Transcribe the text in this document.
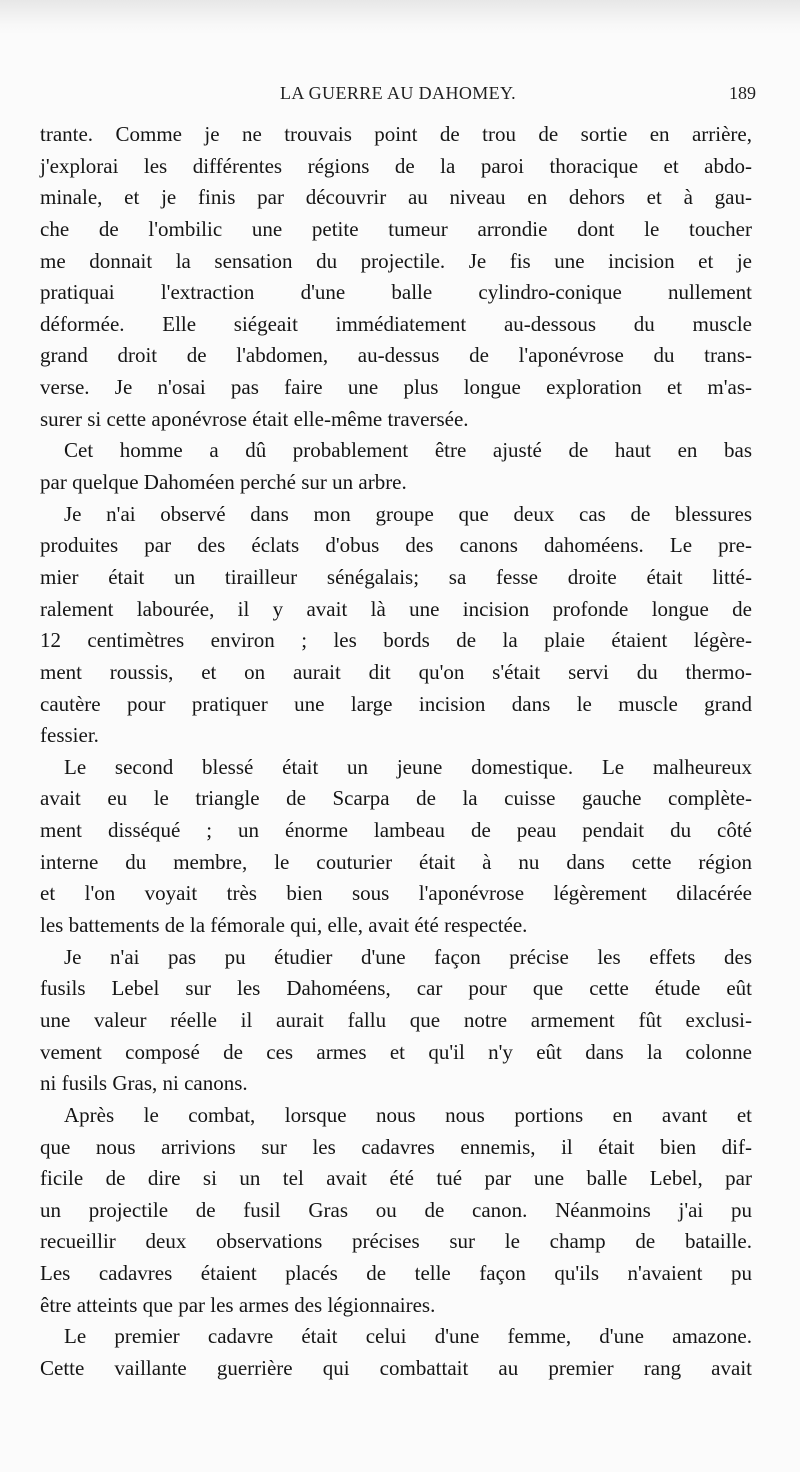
LA GUERRE AU DAHOMEY.	189
trante. Comme je ne trouvais point de trou de sortie en arrière,
j'explorai les différentes régions de la paroi thoracique et abdo-
minale, et je finis par découvrir au niveau en dehors et à gau-
che de l'ombilic une petite tumeur arrondie dont le toucher
me donnait la sensation du projectile. Je fis une incision et je
pratiquai l'extraction d'une balle cylindro-conique nullement
déformée. Elle siégeait immédiatement au-dessous du muscle
grand droit de l'abdomen, au-dessus de l'aponévrose du trans-
verse. Je n'osai pas faire une plus longue exploration et m'as-
surer si cette aponévrose était elle-même traversée.
Cet homme a dû probablement être ajusté de haut en bas
par quelque Dahoméen perché sur un arbre.
Je n'ai observé dans mon groupe que deux cas de blessures
produites par des éclats d'obus des canons dahoméens. Le pre-
mier était un tirailleur sénégalais; sa fesse droite était litté-
ralement labourée, il y avait là une incision profonde longue de
12 centimètres environ ; les bords de la plaie étaient légère-
ment roussis, et on aurait dit qu'on s'était servi du thermo-
cautère pour pratiquer une large incision dans le muscle grand
fessier.
Le second blessé était un jeune domestique. Le malheureux
avait eu le triangle de Scarpa de la cuisse gauche complète-
ment disséqué ; un énorme lambeau de peau pendait du côté
interne du membre, le couturier était à nu dans cette région
et l'on voyait très bien sous l'aponévrose légèrement dilacérée
les battements de la fémorale qui, elle, avait été respectée.
Je n'ai pas pu étudier d'une façon précise les effets des
fusils Lebel sur les Dahoméens, car pour que cette étude eût
une valeur réelle il aurait fallu que notre armement fût exclusi-
vement composé de ces armes et qu'il n'y eût dans la colonne
ni fusils Gras, ni canons.
Après le combat, lorsque nous nous portions en avant et
que nous arrivions sur les cadavres ennemis, il était bien dif-
ficile de dire si un tel avait été tué par une balle Lebel, par
un projectile de fusil Gras ou de canon. Néanmoins j'ai pu
recueillir deux observations précises sur le champ de bataille.
Les cadavres étaient placés de telle façon qu'ils n'avaient pu
être atteints que par les armes des légionnaires.
Le premier cadavre était celui d'une femme, d'une amazone.
Cette vaillante guerrière qui combattait au premier rang avait
